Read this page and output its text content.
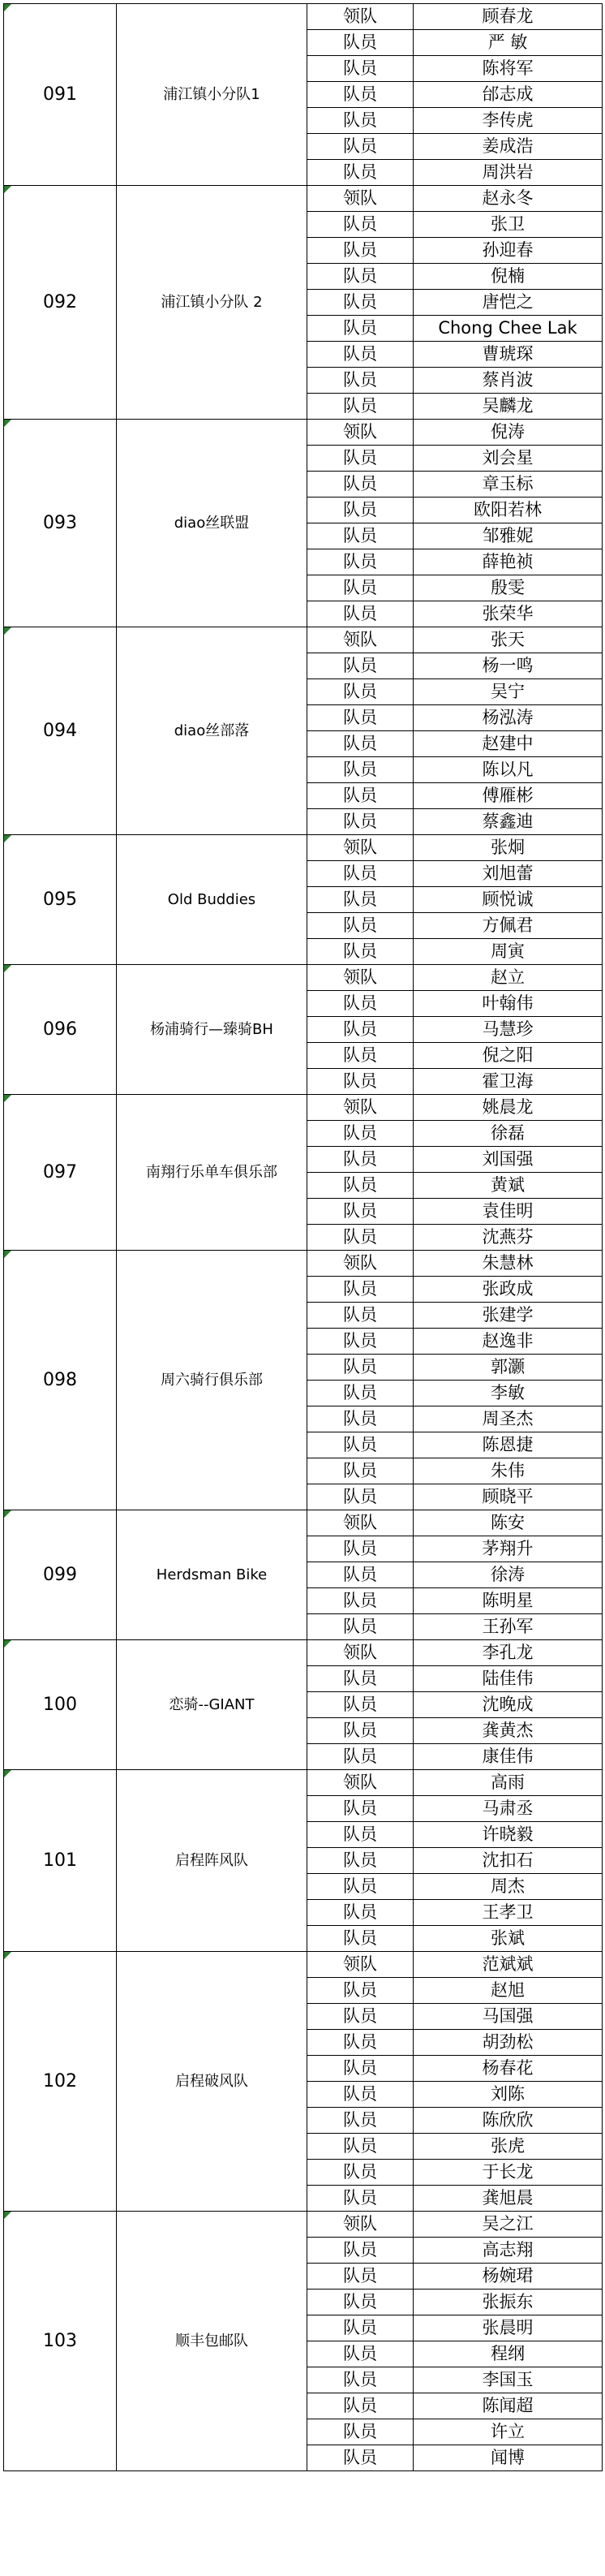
091	浦江镇小分队1	领队	顾春龙
		队员	严 敏
		队员	陈将军
		队员	邰志成
		队员	李传虎
		队员	姜成浩
		队员	周洪岩
092	浦江镇小分队 2	领队	赵永冬
		队员	张卫
		队员	孙迎春
		队员	倪楠
		队员	唐恺之
		队员	Chong Chee Lak
		队员	曹琥琛
		队员	蔡肖波
		队员	吴麟龙
093	diao丝联盟	领队	倪涛
		队员	刘会星
		队员	章玉标
		队员	欧阳若林
		队员	邹雅妮
		队员	薛艳祯
		队员	殷雯
		队员	张荣华
094	diao丝部落	领队	张天
		队员	杨一鸣
		队员	吴宁
		队员	杨泓涛
		队员	赵建中
		队员	陈以凡
		队员	傅雁彬
		队员	蔡鑫迪
095	Old Buddies	领队	张炯
		队员	刘旭蕾
		队员	顾悦诚
		队员	方佩君
		队员	周寅
096	杨浦骑行—臻骑BH	领队	赵立
		队员	叶翰伟
		队员	马慧珍
		队员	倪之阳
		队员	霍卫海
097	南翔行乐单车俱乐部	领队	姚晨龙
		队员	徐磊
		队员	刘国强
		队员	黄斌
		队员	袁佳明
		队员	沈燕芬
098	周六骑行俱乐部	领队	朱慧林
		队员	张政成
		队员	张建学
		队员	赵逸非
		队员	郭灏
		队员	李敏
		队员	周圣杰
		队员	陈恩捷
		队员	朱伟
		队员	顾晓平
099	Herdsman Bike	领队	陈安
		队员	茅翔升
		队员	徐涛
		队员	陈明星
		队员	王孙军
100	恋骑--GIANT	领队	李孔龙
		队员	陆佳伟
		队员	沈晚成
		队员	龚黄杰
		队员	康佳伟
101	启程阵风队	领队	高雨
		队员	马肃丞
		队员	许晓毅
		队员	沈扣石
		队员	周杰
		队员	王孝卫
		队员	张斌
102	启程破风队	领队	范斌斌
		队员	赵旭
		队员	马国强
		队员	胡劲松
		队员	杨春花
		队员	刘陈
		队员	陈欣欣
		队员	张虎
		队员	于长龙
		队员	龚旭晨
103	顺丰包邮队	领队	吴之江
		队员	高志翔
		队员	杨婉珺
		队员	张振东
		队员	张晨明
		队员	程纲
		队员	李国玉
		队员	陈闻超
		队员	许立
		队员	闻博
